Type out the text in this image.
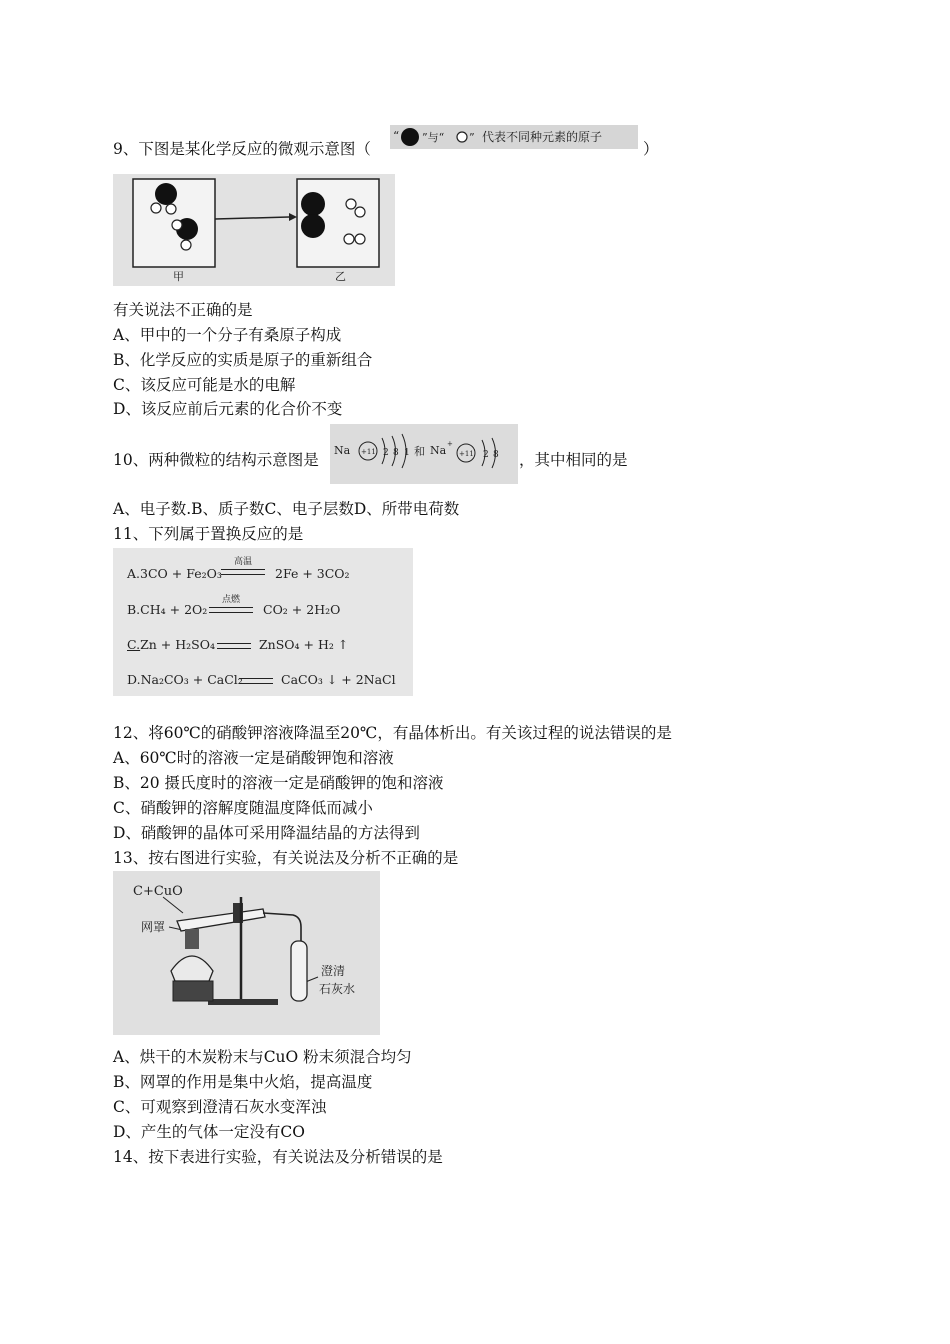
9、下图是某化学反应的微观示意图（
“ ”与“ ” 代表不同种元素的原子
）
甲	乙
有关说法不正确的是
A、甲中的一个分子有桑原子构成
B、化学反应的实质是原子的重新组合
C、该反应可能是水的电解
D、该反应前后元素的化合价不变
10、两种微粒的结构示意图是
Na +11 2 8 1 和 Na +
+11 2 8 ，其中相同的是
A、电子数.B、质子数C、电子层数D、所带电荷数
11、下列属于置换反应的是
A.3CO + Fe₂O₃
高温
2Fe + 3CO₂
B.CH₄ + 2O₂
点燃
CO₂ + 2H₂O
C.Zn + H₂SO₄	ZnSO₄ + H₂ ↑
D.Na₂CO₃ + CaCl₂	CaCO₃ ↓ + 2NaCl
12、将60℃的硝酸钾溶液降温至20℃，有晶体析出。有关该过程的说法错误的是
A、60℃时的溶液一定是硝酸钾饱和溶液
B、20 摄氏度时的溶液一定是硝酸钾的饱和溶液
C、硝酸钾的溶解度随温度降低而减小
D、硝酸钾的晶体可采用降温结晶的方法得到
13、按右图进行实验，有关说法及分析不正确的是
C+CuO
网罩
澄清
石灰水
A、烘干的木炭粉末与CuO 粉末须混合均匀
B、网罩的作用是集中火焰，提高温度
C、可观察到澄清石灰水变浑浊
D、产生的气体一定没有CO
14、按下表进行实验，有关说法及分析错误的是
